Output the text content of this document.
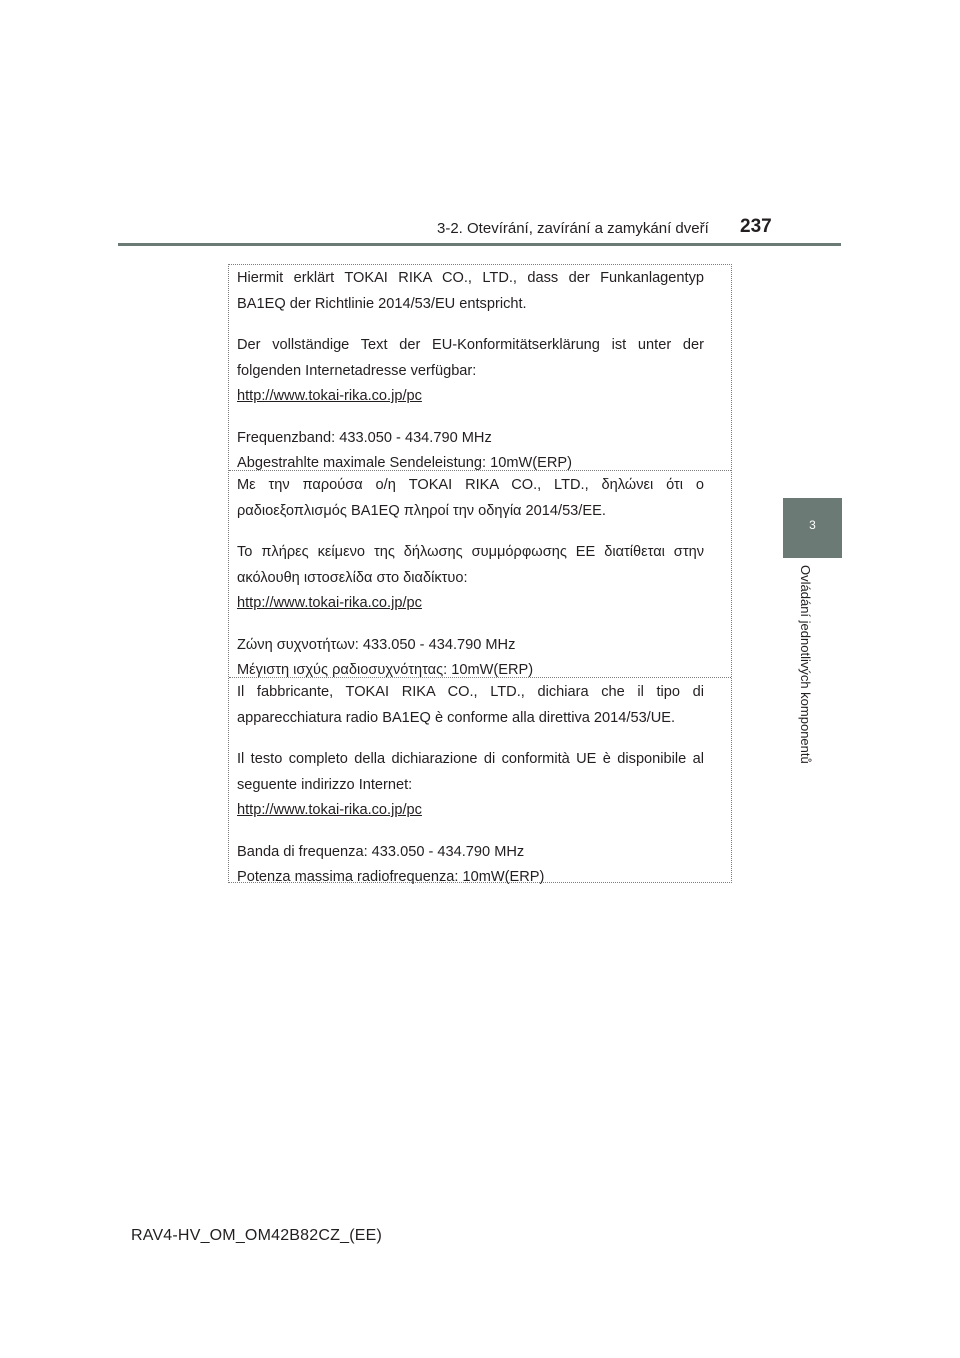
3-2. Otevírání, zavírání a zamykání dveří 237
3
Ovládání jednotlivých komponentů

Hiermit erklärt TOKAI RIKA CO., LTD., dass der Funkanlagentyp BA1EQ der Richtlinie 2014/53/EU entspricht.

Der vollständige Text der EU-Konformitätserklärung ist unter der folgenden Internetadresse verfügbar:

http://www.tokai-rika.co.jp/pc

Frequenzband: 433.050 - 434.790 MHz

Abgestrahlte maximale Sendeleistung: 10mW(ERP)

Με την παρούσα ο/η TOKAI RIKA CO., LTD., δηλώνει ότι ο ραδιοεξοπλισμός BA1EQ πληροί την οδηγία 2014/53/ΕΕ.

Το πλήρες κείμενο της δήλωσης συμμόρφωσης ΕΕ διατίθεται στην ακόλουθη ιστοσελίδα στο διαδίκτυο:

http://www.tokai-rika.co.jp/pc

Ζώνη συχνοτήτων: 433.050 - 434.790 MHz

Μέγιστη ισχύς ραδιοσυχνότητας: 10mW(ERP)

Il fabbricante, TOKAI RIKA CO., LTD., dichiara che il tipo di apparecchiatura radio BA1EQ è conforme alla direttiva 2014/53/UE.

Il testo completo della dichiarazione di conformità UE è disponibile al seguente indirizzo Internet:

http://www.tokai-rika.co.jp/pc

Banda di frequenza: 433.050 - 434.790 MHz

Potenza massima radiofrequenza: 10mW(ERP)

RAV4-HV_OM_OM42B82CZ_(EE)
